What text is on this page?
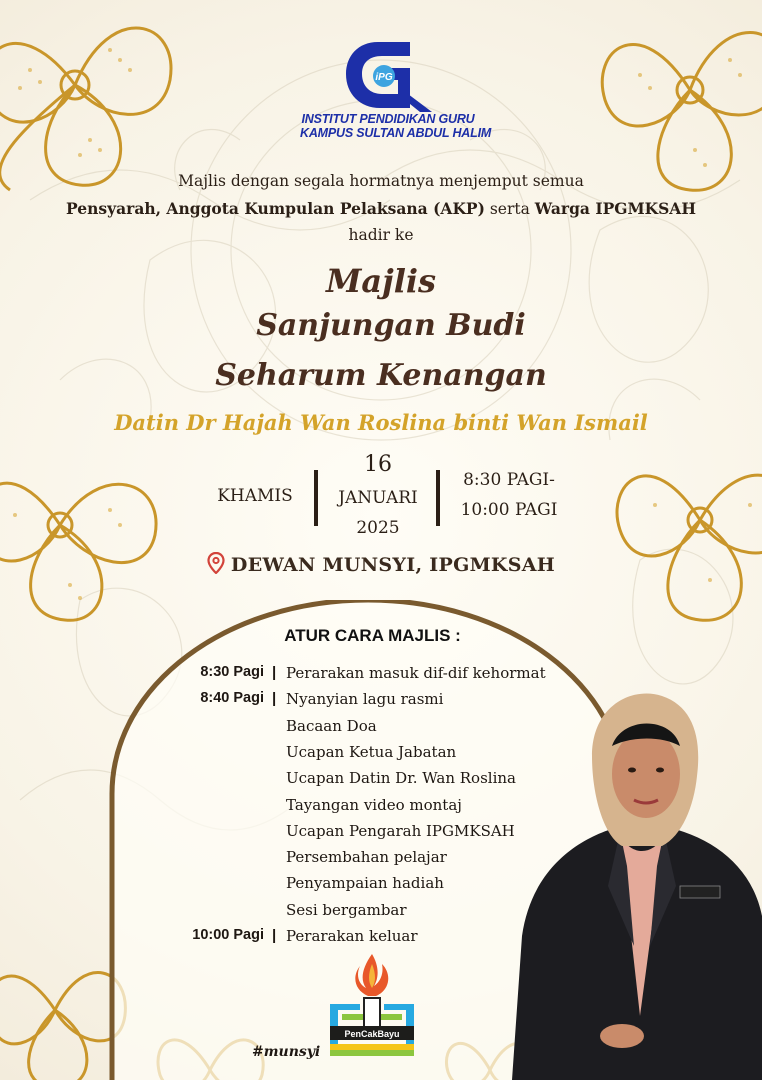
iPG
INSTITUT PENDIDIKAN GURU
KAMPUS SULTAN ABDUL HALIM
Majlis dengan segala hormatnya menjemput semua
Pensyarah, Anggota Kumpulan Pelaksana (AKP) serta Warga IPGMKSAH
hadir ke
Majlis
Sanjungan Budi
Seharum Kenangan
Datin Dr Hajah Wan Roslina binti Wan Ismail
KHAMIS
16
JANUARI
2025
8:30 PAGI-
10:00 PAGI
DEWAN MUNSYI, IPGMKSAH
ATUR CARA MAJLIS :
8:30 Pagi | Perarakan masuk dif-dif kehormat
8:40 Pagi | Nyanyian lagu rasmi
Bacaan Doa
Ucapan Ketua Jabatan
Ucapan Datin Dr. Wan Roslina
Tayangan video montaj
Ucapan Pengarah IPGMKSAH
Persembahan pelajar
Penyampaian hadiah
Sesi bergambar
10:00 Pagi | Perarakan keluar
PenCakBayu
#munsyi
